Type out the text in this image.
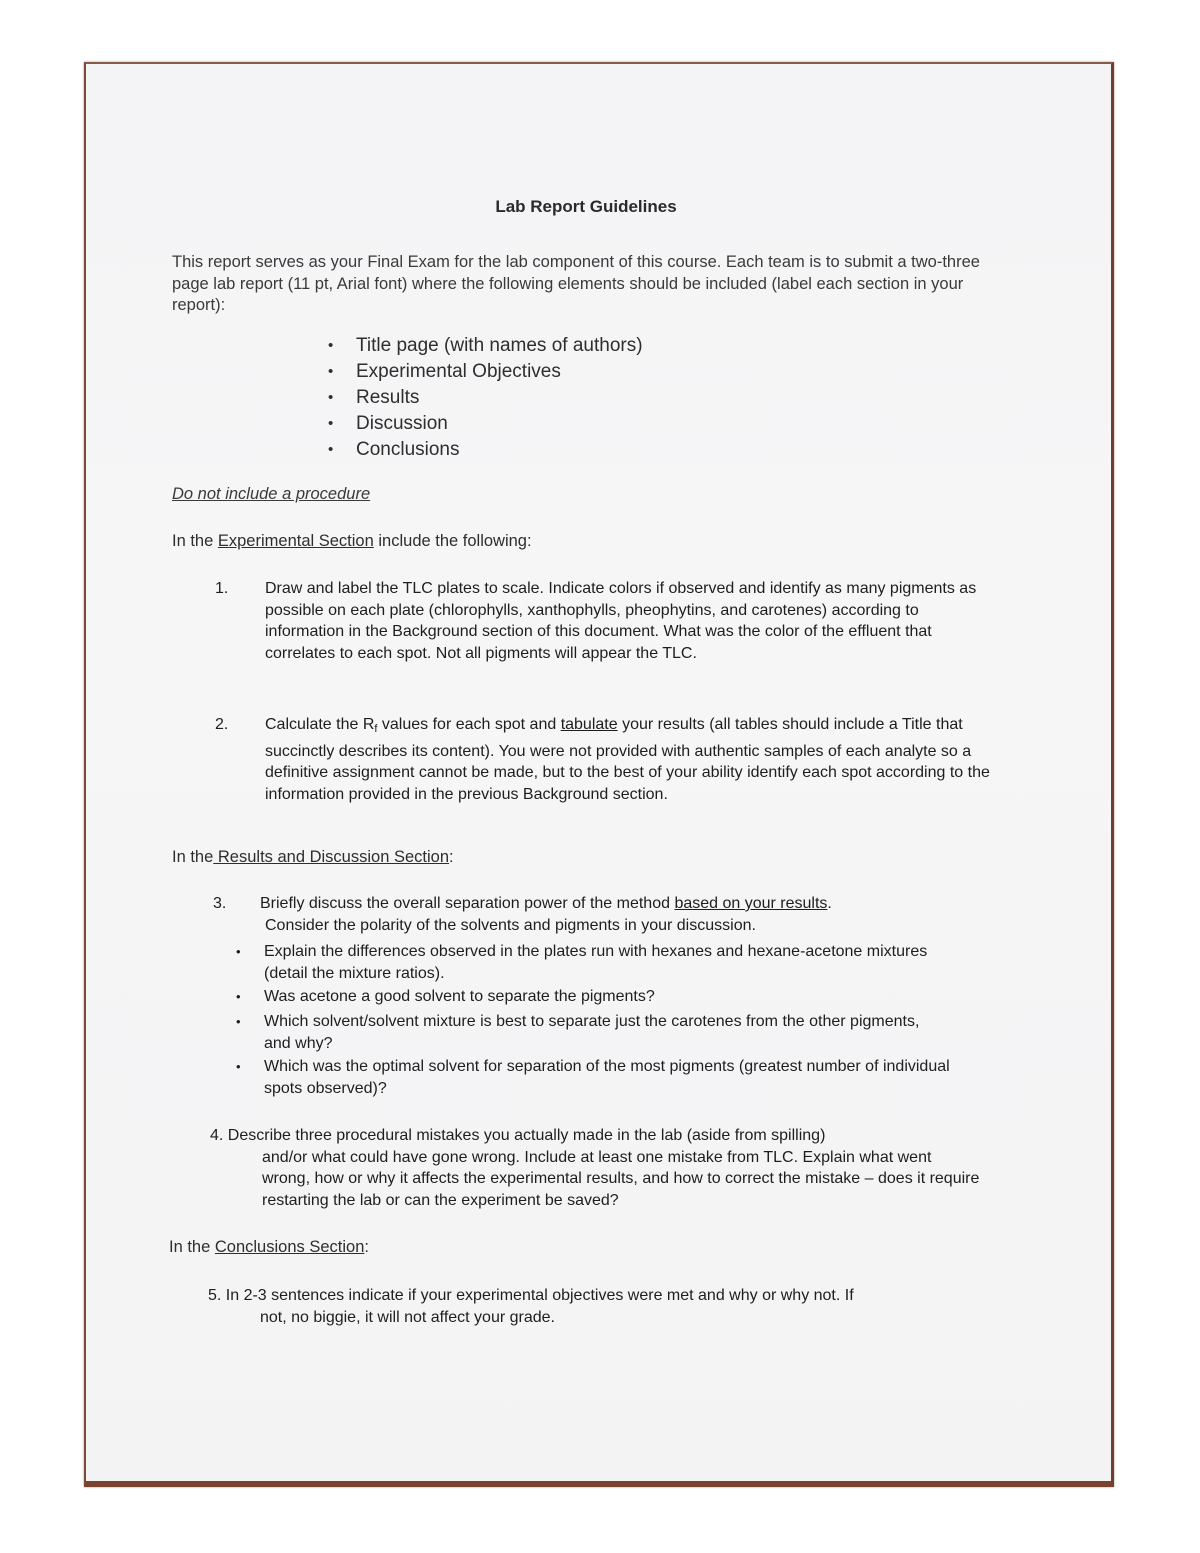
Lab Report Guidelines
This report serves as your Final Exam for the lab component of this course. Each team is to submit a two-three page lab report (11 pt, Arial font) where the following elements should be included (label each section in your report):
• Title page (with names of authors)
• Experimental Objectives
• Results
• Discussion
• Conclusions
Do not include a procedure
In the Experimental Section include the following:
1. Draw and label the TLC plates to scale. Indicate colors if observed and identify as many pigments as possible on each plate (chlorophylls, xanthophylls, pheophytins, and carotenes) according to information in the Background section of this document. What was the color of the effluent that correlates to each spot. Not all pigments will appear the TLC.
2. Calculate the $R_f$ values for each spot and tabulate your results (all tables should include a Title that succinctly describes its content). You were not provided with authentic samples of each analyte so a definitive assignment cannot be made, but to the best of your ability identify each spot according to the information provided in the previous Background section.
In the Results and Discussion Section:
3. Briefly discuss the overall separation power of the method based on your results.
Consider the polarity of the solvents and pigments in your discussion.
• Explain the differences observed in the plates run with hexanes and hexane-acetone mixtures (detail the mixture ratios).
• Was acetone a good solvent to separate the pigments?
• Which solvent/solvent mixture is best to separate just the carotenes from the other pigments, and why?
• Which was the optimal solvent for separation of the most pigments (greatest number of individual spots observed)?
4. Describe three procedural mistakes you actually made in the lab (aside from spilling)
and/or what could have gone wrong. Include at least one mistake from TLC. Explain what went wrong, how or why it affects the experimental results, and how to correct the mistake – does it require restarting the lab or can the experiment be saved?
In the Conclusions Section:
5. In 2-3 sentences indicate if your experimental objectives were met and why or why not. If
not, no biggie, it will not affect your grade.
